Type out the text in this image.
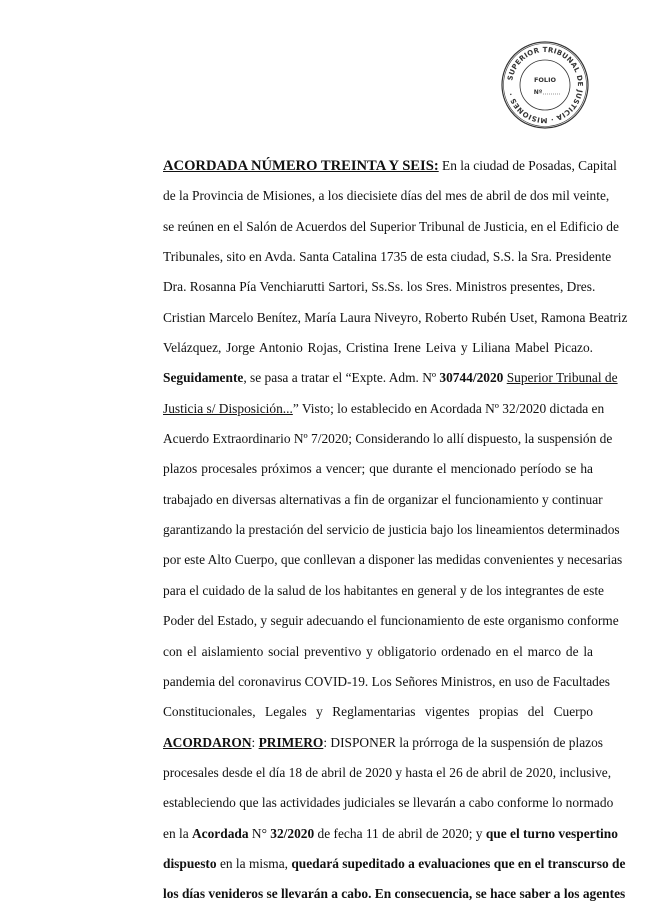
SUPERIOR TRIBUNAL DE JUSTICIA · MISIONES ·
FOLIO
Nº
ACORDADA NÚMERO TREINTA Y SEIS: En la ciudad de Posadas, Capital
de la Provincia de Misiones, a los diecisiete días del mes de abril de dos mil veinte,
se reúnen en el Salón de Acuerdos del Superior Tribunal de Justicia, en el Edificio de
Tribunales, sito en Avda. Santa Catalina 1735 de esta ciudad, S.S. la Sra. Presidente
Dra. Rosanna Pía Venchiarutti Sartori, Ss.Ss. los Sres. Ministros presentes, Dres.
Cristian Marcelo Benítez, María Laura Niveyro, Roberto Rubén Uset, Ramona Beatriz
Velázquez, Jorge Antonio Rojas, Cristina Irene Leiva y Liliana Mabel Picazo.
Seguidamente, se pasa a tratar el “Expte. Adm. Nº 30744/2020 Superior Tribunal de
Justicia s/ Disposición...” Visto; lo establecido en Acordada Nº 32/2020 dictada en
Acuerdo Extraordinario Nº 7/2020; Considerando lo allí dispuesto, la suspensión de
plazos procesales próximos a vencer; que durante el mencionado período se ha
trabajado en diversas alternativas a fin de organizar el funcionamiento y continuar
garantizando la prestación del servicio de justicia bajo los lineamientos determinados
por este Alto Cuerpo, que conllevan a disponer las medidas convenientes y necesarias
para el cuidado de la salud de los habitantes en general y de los integrantes de este
Poder del Estado, y seguir adecuando el funcionamiento de este organismo conforme
con el aislamiento social preventivo y obligatorio ordenado en el marco de la
pandemia del coronavirus COVID-19. Los Señores Ministros, en uso de Facultades
Constitucionales, Legales y Reglamentarias vigentes propias del Cuerpo
ACORDARON: PRIMERO: DISPONER la prórroga de la suspensión de plazos
procesales desde el día 18 de abril de 2020 y hasta el 26 de abril de 2020, inclusive,
estableciendo que las actividades judiciales se llevarán a cabo conforme lo normado
en la Acordada N° 32/2020 de fecha 11 de abril de 2020; y que el turno vespertino
dispuesto en la misma, quedará supeditado a evaluaciones que en el transcurso de
los días venideros se llevarán a cabo. En consecuencia, se hace saber a los agentes
